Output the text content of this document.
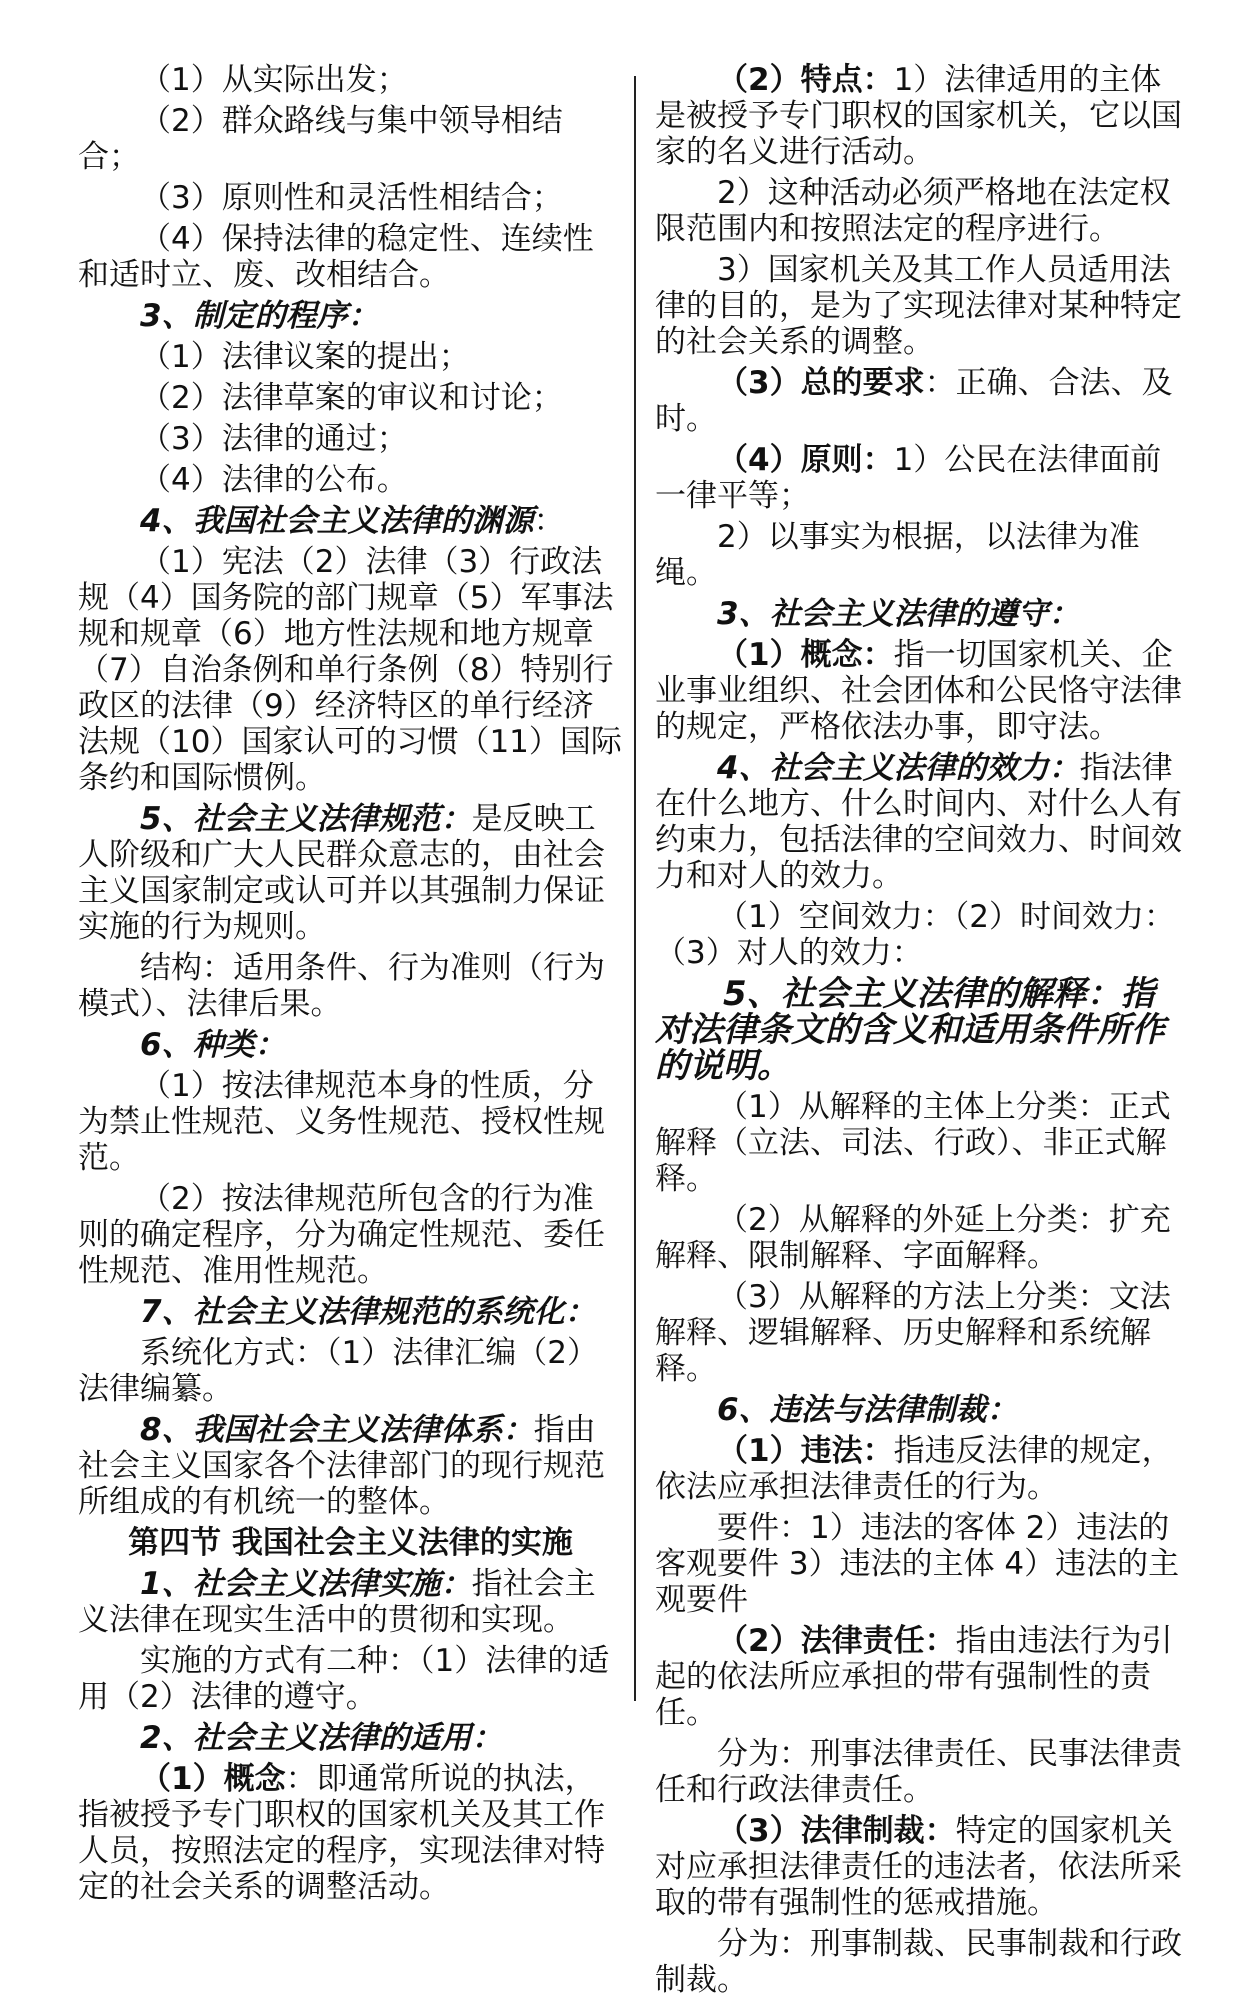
（1）从实际出发；

（2）群众路线与集中领导相结合；

（3）原则性和灵活性相结合；

（4）保持法律的稳定性、连续性和适时立、废、改相结合。

3、制定的程序：

（1）法律议案的提出；

（2）法律草案的审议和讨论；

（3）法律的通过；

（4）法律的公布。

4、我国社会主义法律的渊源：

（1）宪法（2）法律（3）行政法规（4）国务院的部门规章（5）军事法规和规章（6）地方性法规和地方规章（7）自治条例和单行条例（8）特别行政区的法律（9）经济特区的单行经济法规（10）国家认可的习惯（11）国际条约和国际惯例。

5、社会主义法律规范：是反映工人阶级和广大人民群众意志的，由社会主义国家制定或认可并以其强制力保证实施的行为规则。

结构：适用条件、行为准则（行为模式）、法律后果。

6、种类：

（1）按法律规范本身的性质，分为禁止性规范、义务性规范、授权性规范。

（2）按法律规范所包含的行为准则的确定程序，分为确定性规范、委任性规范、准用性规范。

7、社会主义法律规范的系统化：

系统化方式：（1）法律汇编（2）法律编纂。

8、我国社会主义法律体系：指由社会主义国家各个法律部门的现行规范所组成的有机统一的整体。

第四节 我国社会主义法律的实施

1、社会主义法律实施：指社会主义法律在现实生活中的贯彻和实现。

实施的方式有二种：（1）法律的适用（2）法律的遵守。

2、社会主义法律的适用：

（1）概念：即通常所说的执法，指被授予专门职权的国家机关及其工作人员，按照法定的程序，实现法律对特定的社会关系的调整活动。

（2）特点：1）法律适用的主体是被授予专门职权的国家机关，它以国家的名义进行活动。

2）这种活动必须严格地在法定权限范围内和按照法定的程序进行。

3）国家机关及其工作人员适用法律的目的，是为了实现法律对某种特定的社会关系的调整。

（3）总的要求：正确、合法、及时。

（4）原则：1）公民在法律面前一律平等；

2）以事实为根据，以法律为准绳。

3、社会主义法律的遵守：

（1）概念：指一切国家机关、企业事业组织、社会团体和公民恪守法律的规定，严格依法办事，即守法。

4、社会主义法律的效力：指法律在什么地方、什么时间内、对什么人有约束力，包括法律的空间效力、时间效力和对人的效力。

（1）空间效力：（2）时间效力：（3）对人的效力：

5、社会主义法律的解释：指对法律条文的含义和适用条件所作的说明。

（1）从解释的主体上分类：正式解释（立法、司法、行政）、非正式解释。

（2）从解释的外延上分类：扩充解释、限制解释、字面解释。

（3）从解释的方法上分类：文法解释、逻辑解释、历史解释和系统解释。

6、违法与法律制裁：

（1）违法：指违反法律的规定，依法应承担法律责任的行为。

要件：1）违法的客体 2）违法的客观要件 3）违法的主体 4）违法的主观要件

（2）法律责任：指由违法行为引起的依法所应承担的带有强制性的责任。

分为：刑事法律责任、民事法律责任和行政法律责任。

（3）法律制裁：特定的国家机关对应承担法律责任的违法者，依法所采取的带有强制性的惩戒措施。

分为：刑事制裁、民事制裁和行政制裁。
